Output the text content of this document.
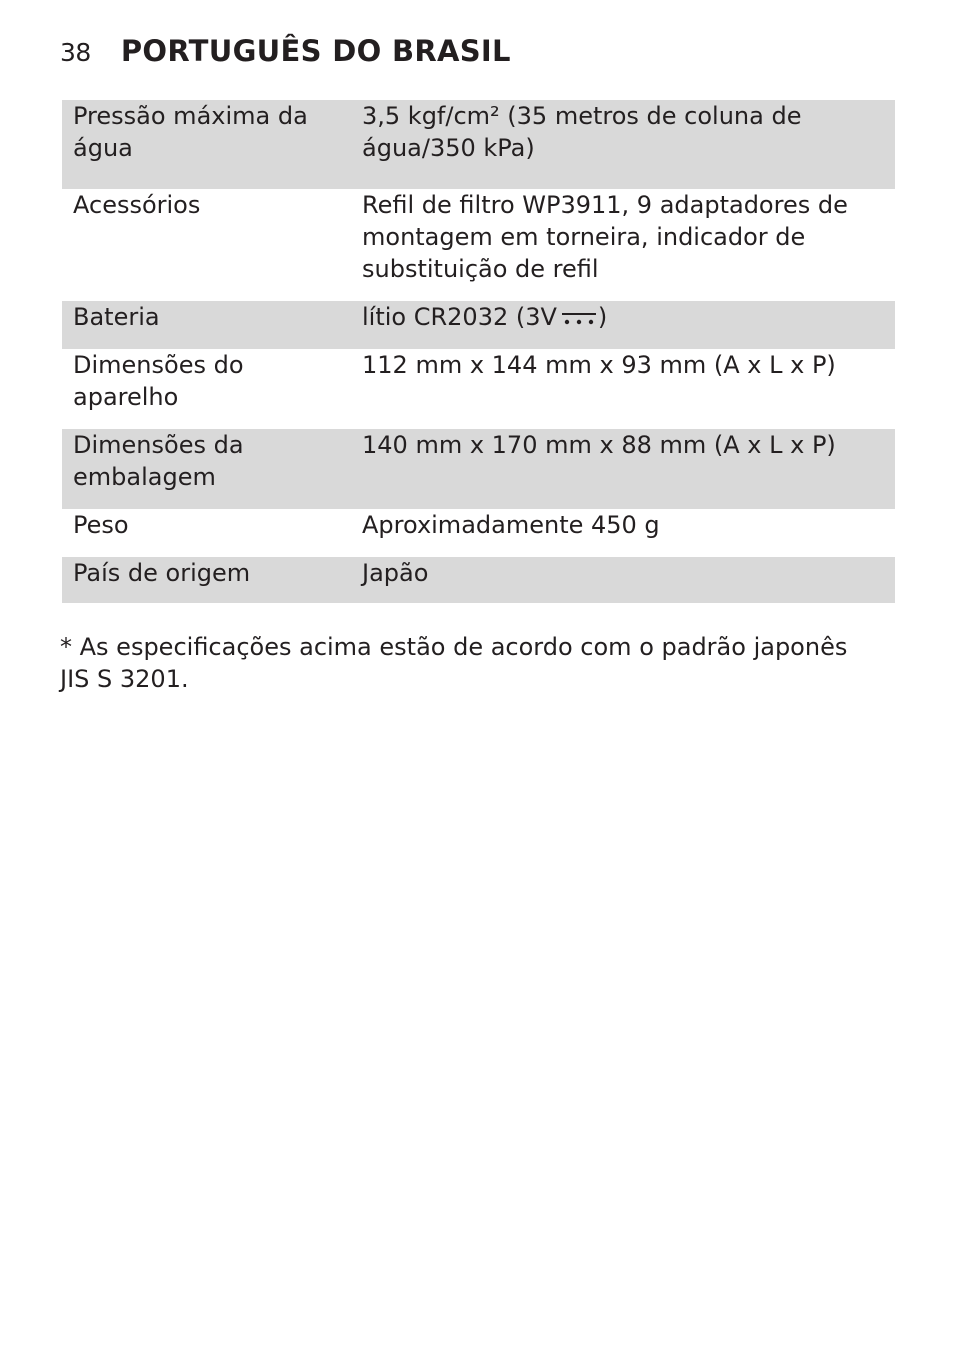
38 PORTUGUÊS DO BRASIL
Pressão máxima da água	3,5 kgf/cm² (35 metros de coluna de água/350 kPa)
Acessórios	Refil de filtro WP3911, 9 adaptadores de montagem em torneira, indicador de substituição de refil
Bateria	lítio CR2032 (3V )
Dimensões do aparelho	112 mm x 144 mm x 93 mm (A x L x P)
Dimensões da embalagem	140 mm x 170 mm x 88 mm (A x L x P)
Peso	Aproximadamente 450 g
País de origem	Japão
* As especificações acima estão de acordo com o padrão japonês JIS S 3201.
